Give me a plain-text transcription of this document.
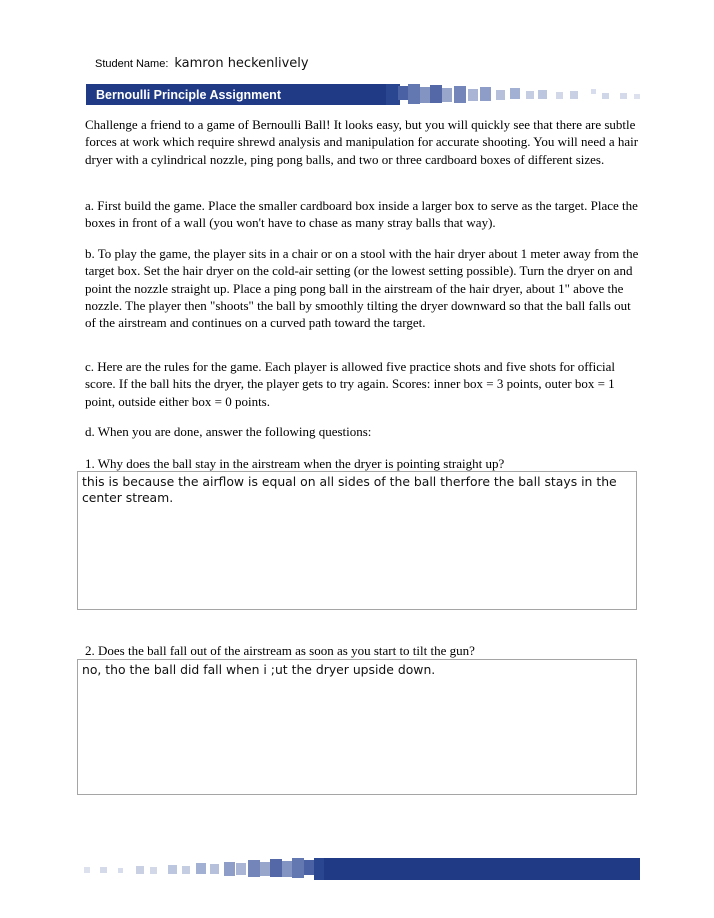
Student Name: kamron heckenlively
Bernoulli Principle Assignment
Challenge a friend to a game of Bernoulli Ball! It looks easy, but you will quickly see that there are subtle forces at work which require shrewd analysis and manipulation for accurate shooting. You will need a hair dryer with a cylindrical nozzle, ping pong balls, and two or three cardboard boxes of different sizes.
a. First build the game. Place the smaller cardboard box inside a larger box to serve as the target. Place the boxes in front of a wall (you won't have to chase as many stray balls that way).
b. To play the game, the player sits in a chair or on a stool with the hair dryer about 1 meter away from the target box. Set the hair dryer on the cold-air setting (or the lowest setting possible). Turn the dryer on and point the nozzle straight up. Place a ping pong ball in the airstream of the hair dryer, about 1" above the nozzle. The player then "shoots" the ball by smoothly tilting the dryer downward so that the ball falls out of the airstream and continues on a curved path toward the target.
c. Here are the rules for the game. Each player is allowed five practice shots and five shots for official score. If the ball hits the dryer, the player gets to try again. Scores: inner box = 3 points, outer box = 1 point, outside either box = 0 points.
d. When you are done, answer the following questions:
1. Why does the ball stay in the airstream when the dryer is pointing straight up?
this is because the airflow is equal on all sides of the ball therfore the ball stays in the center stream.
2. Does the ball fall out of the airstream as soon as you start to tilt the gun?
no, tho the ball did fall when i ;ut the dryer upside down.
